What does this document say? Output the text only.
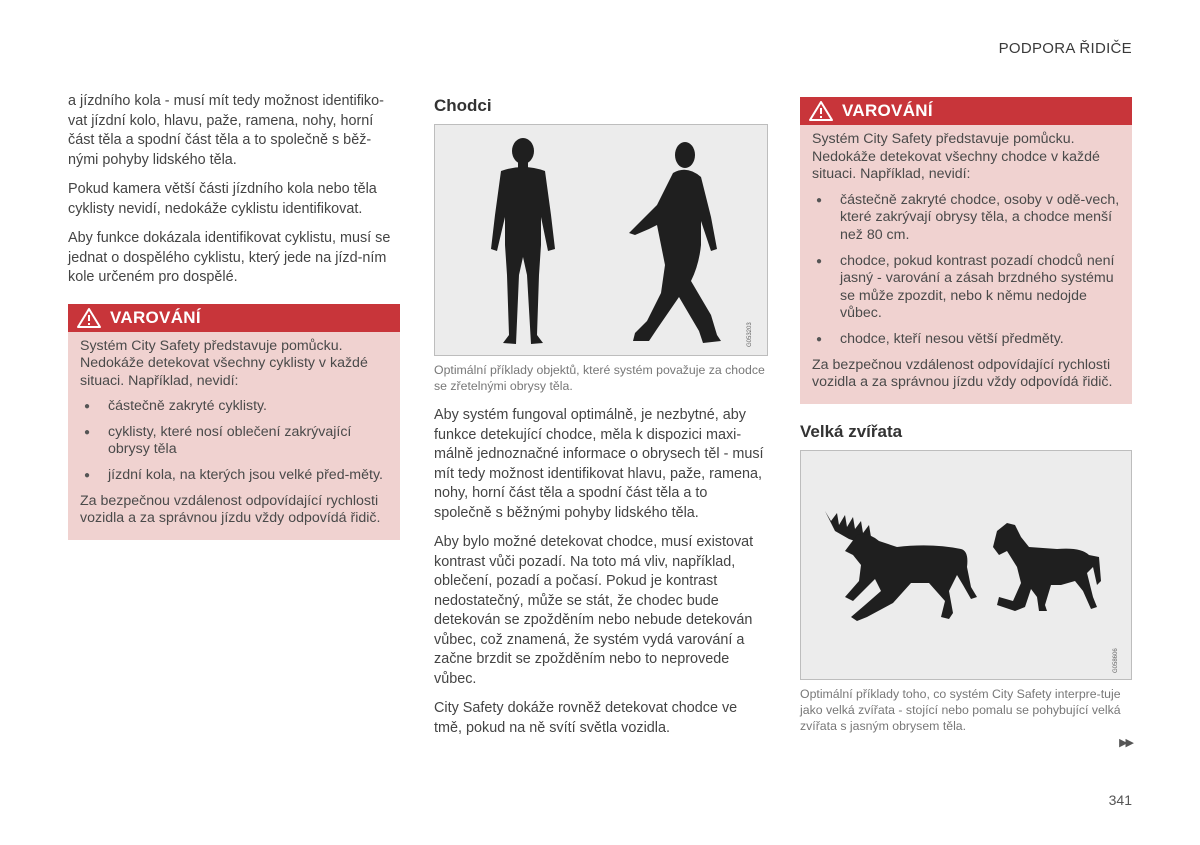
PODPORA ŘIDIČE

a jízdního kola - musí mít tedy možnost identifiko-vat jízdní kolo, hlavu, paže, ramena, nohy, horní část těla a spodní část těla a to společně s běž-nými pohyby lidského těla.

Pokud kamera větší části jízdního kola nebo těla cyklisty nevidí, nedokáže cyklistu identifikovat.

Aby funkce dokázala identifikovat cyklistu, musí se jednat o dospělého cyklistu, který jede na jízd-ním kole určeném pro dospělé.

VAROVÁNÍ

Systém City Safety představuje pomůcku. Nedokáže detekovat všechny cyklisty v každé situaci. Například, nevidí:

● částečně zakryté cyklisty.
● cyklisty, které nosí oblečení zakrývající obrysy těla
● jízdní kola, na kterých jsou velké před-měty.

Za bezpečnou vzdálenost odpovídající rychlosti vozidla a za správnou jízdu vždy odpovídá řidič.

Chodci
G053203
Optimální příklady objektů, které systém považuje za chodce se zřetelnými obrysy těla.

Aby systém fungoval optimálně, je nezbytné, aby funkce detekující chodce, měla k dispozici maxi-málně jednoznačné informace o obrysech těl - musí mít tedy možnost identifikovat hlavu, paže, ramena, nohy, horní část těla a spodní část těla a to společně s běžnými pohyby lidského těla.

Aby bylo možné detekovat chodce, musí existovat kontrast vůči pozadí. Na toto má vliv, například, oblečení, pozadí a počasí. Pokud je kontrast nedostatečný, může se stát, že chodec bude detekován se zpožděním nebo nebude detekován vůbec, což znamená, že systém vydá varování a začne brzdit se zpožděním nebo to neprovede vůbec.

City Safety dokáže rovněž detekovat chodce ve tmě, pokud na ně svítí světla vozidla.

VAROVÁNÍ

Systém City Safety představuje pomůcku. Nedokáže detekovat všechny chodce v každé situaci. Například, nevidí:

● částečně zakryté chodce, osoby v odě-vech, které zakrývají obrysy těla, a chodce menší než 80 cm.
● chodce, pokud kontrast pozadí chodců není jasný - varování a zásah brzdného systému se může zpozdit, nebo k němu nedojde vůbec.
● chodce, kteří nesou větší předměty.

Za bezpečnou vzdálenost odpovídající rychlosti vozidla a za správnou jízdu vždy odpovídá řidič.

Velká zvířata
G058606
Optimální příklady toho, co systém City Safety interpre-tuje jako velká zvířata - stojící nebo pomalu se pohybující velká zvířata s jasným obrysem těla.
▶▶
341
